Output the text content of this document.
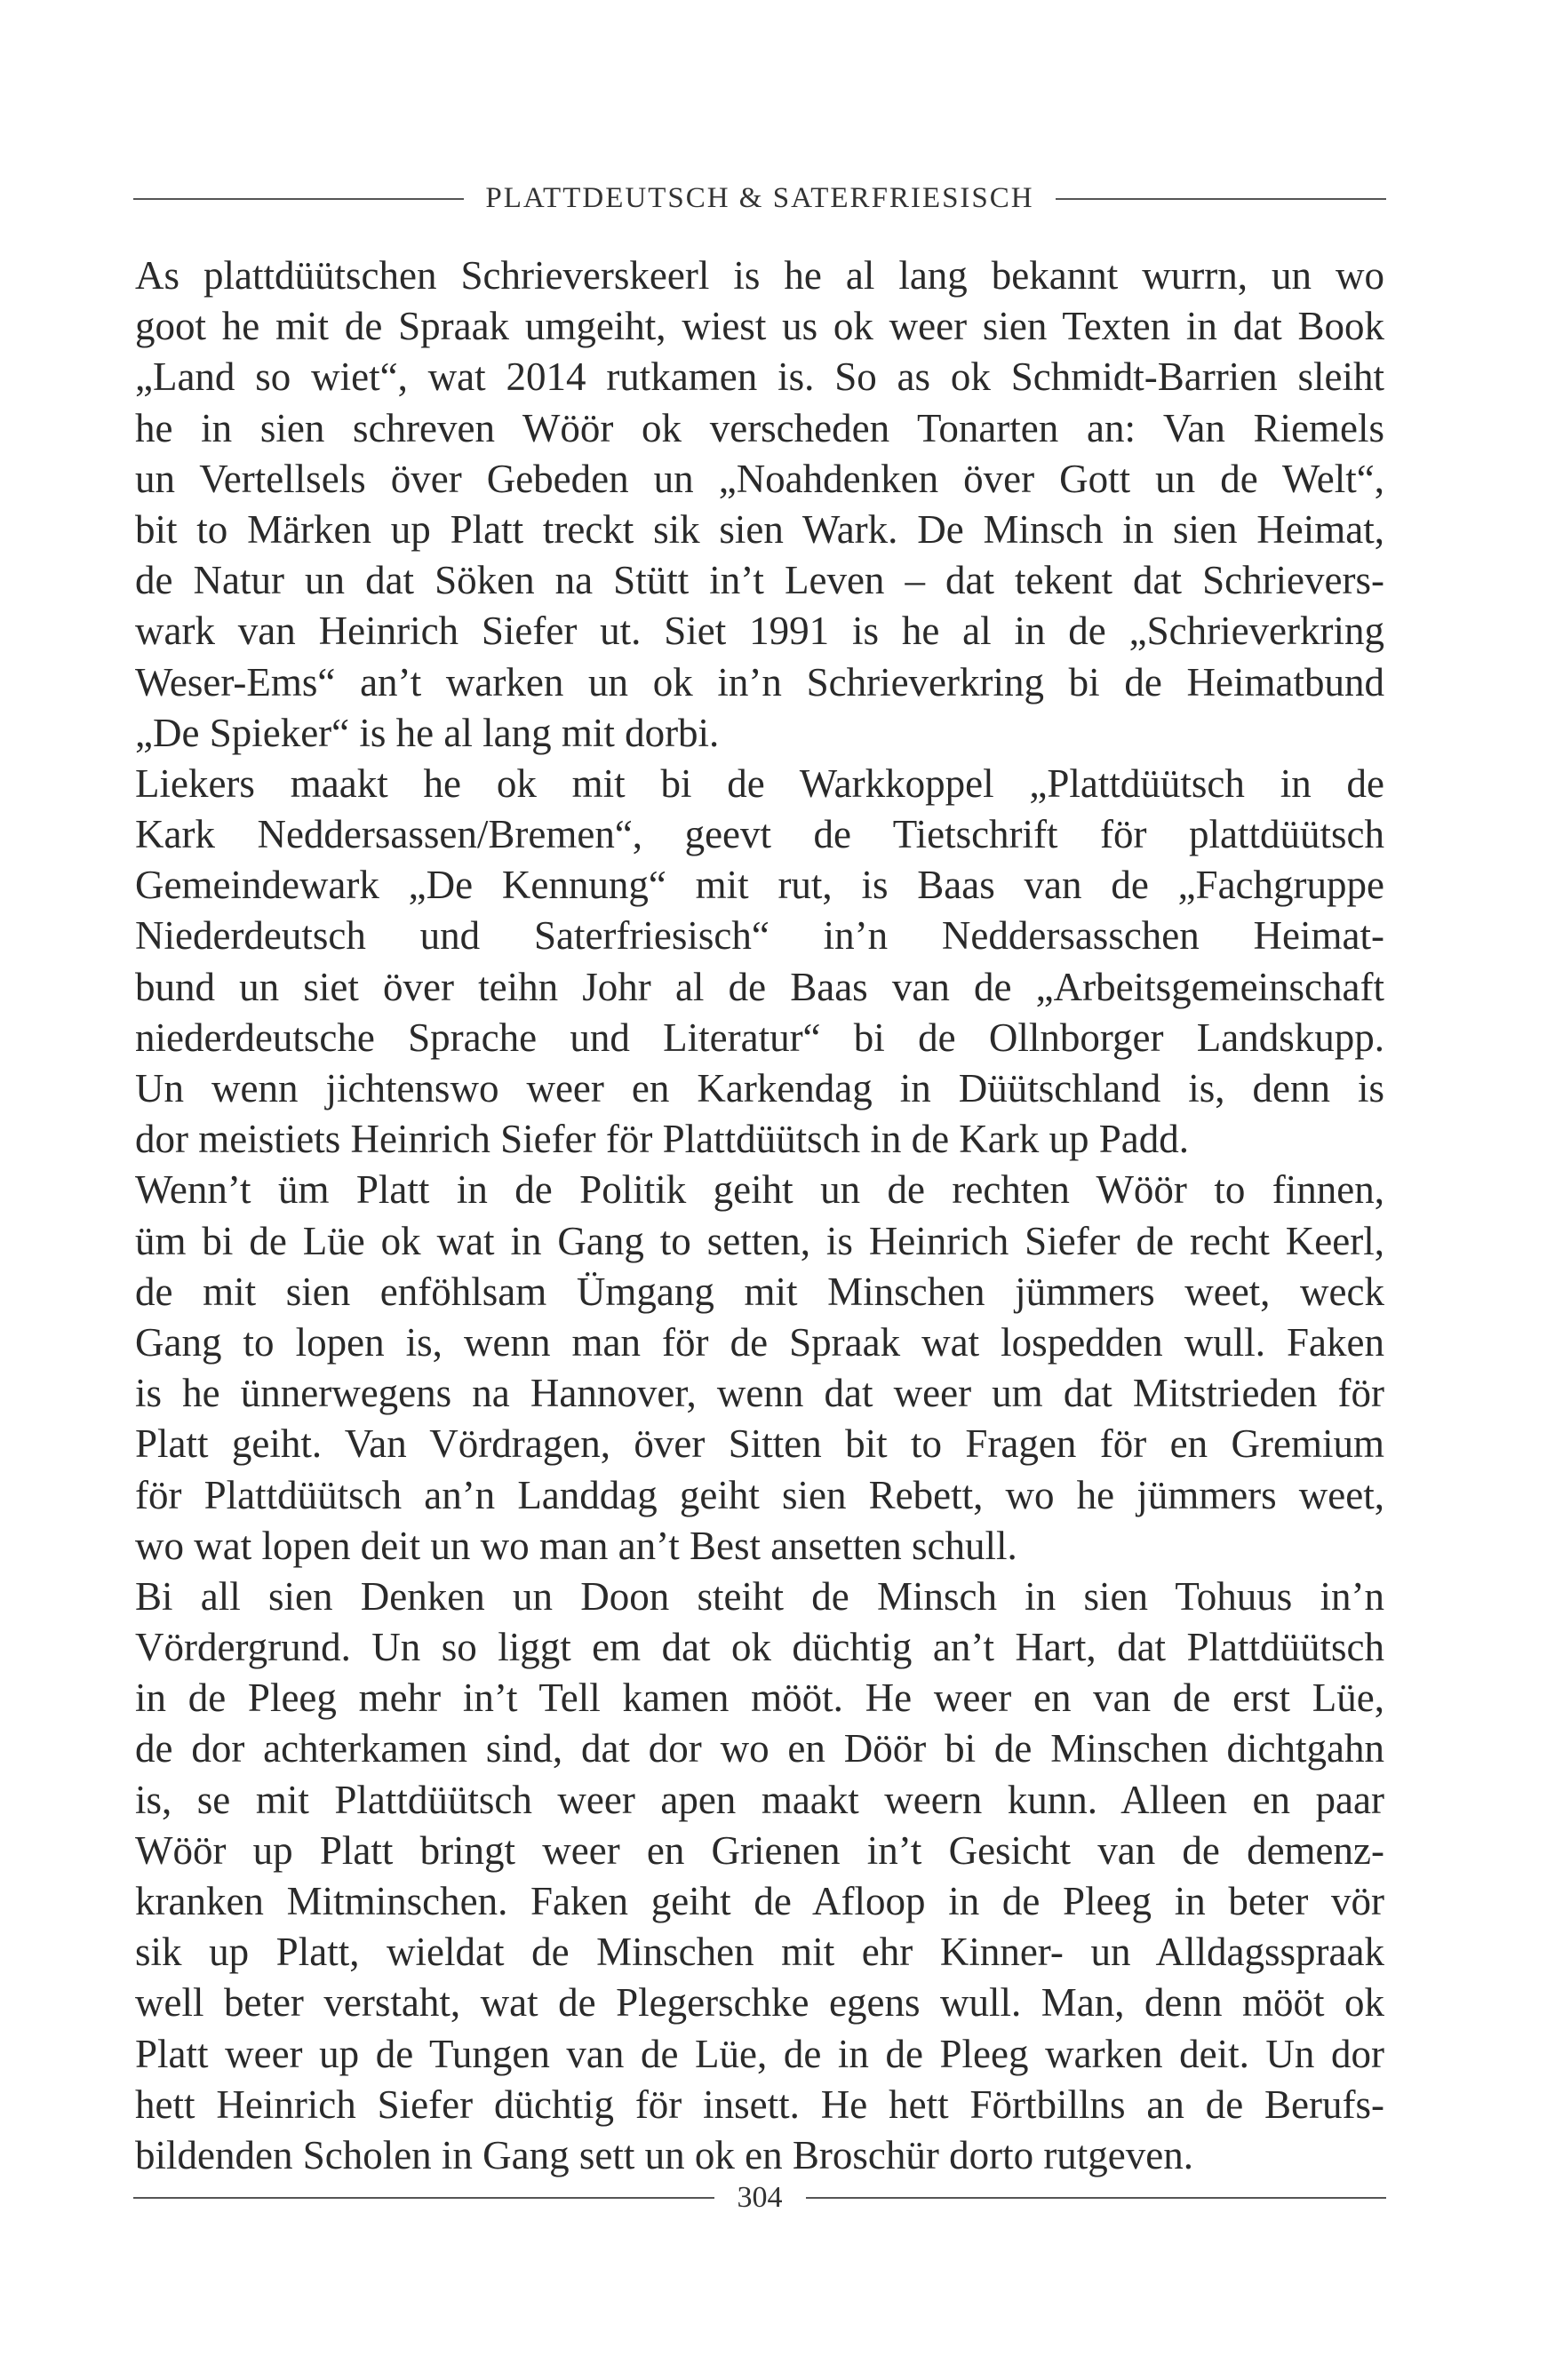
PLATTDEUTSCH & SATERFRIESISCH
As plattdüütschen Schrieverskeerl is he al lang bekannt wurrn, un wo
goot he mit de Spraak umgeiht, wiest us ok weer sien Texten in dat Book
„Land so wiet“, wat 2014 rutkamen is. So as ok Schmidt-Barrien sleiht
he in sien schreven Wöör ok verscheden Tonarten an: Van Riemels
un Vertellsels över Gebeden un „Noahdenken över Gott un de Welt“,
bit to Märken up Platt treckt sik sien Wark. De Minsch in sien Heimat,
de Natur un dat Söken na Stütt in’t Leven – dat tekent dat Schrievers-
wark van Heinrich Siefer ut. Siet 1991 is he al in de „Schrieverkring
Weser-Ems“ an’t warken un ok in’n Schrieverkring bi de Heimatbund
„De Spieker“ is he al lang mit dorbi.
Liekers maakt he ok mit bi de Warkkoppel „Plattdüütsch in de
Kark Neddersassen/Bremen“, geevt de Tietschrift för plattdüütsch
Gemeindewark „De Kennung“ mit rut, is Baas van de „Fachgruppe
Niederdeutsch und Saterfriesisch“ in’n Neddersasschen Heimat-
bund un siet över teihn Johr al de Baas van de „Arbeitsgemeinschaft
niederdeutsche Sprache und Literatur“ bi de Ollnborger Landskupp.
Un wenn jichtenswo weer en Karkendag in Düütschland is, denn is
dor meistiets Heinrich Siefer för Plattdüütsch in de Kark up Padd.
Wenn’t üm Platt in de Politik geiht un de rechten Wöör to finnen,
üm bi de Lüe ok wat in Gang to setten, is Heinrich Siefer de recht Keerl,
de mit sien enföhlsam Ümgang mit Minschen jümmers weet, weck
Gang to lopen is, wenn man för de Spraak wat lospedden wull. Faken
is he ünnerwegens na Hannover, wenn dat weer um dat Mitstrieden för
Platt geiht. Van Vördragen, över Sitten bit to Fragen för en Gremium
för Plattdüütsch an’n Landdag geiht sien Rebett, wo he jümmers weet,
wo wat lopen deit un wo man an’t Best ansetten schull.
Bi all sien Denken un Doon steiht de Minsch in sien Tohuus in’n
Vördergrund. Un so liggt em dat ok düchtig an’t Hart, dat Plattdüütsch
in de Pleeg mehr in’t Tell kamen mööt. He weer en van de erst Lüe,
de dor achterkamen sind, dat dor wo en Döör bi de Minschen dichtgahn
is, se mit Plattdüütsch weer apen maakt weern kunn. Alleen en paar
Wöör up Platt bringt weer en Grienen in’t Gesicht van de demenz-
kranken Mitminschen. Faken geiht de Afloop in de Pleeg in beter vör
sik up Platt, wieldat de Minschen mit ehr Kinner- un Alldagsspraak
well beter verstaht, wat de Plegerschke egens wull. Man, denn mööt ok
Platt weer up de Tungen van de Lüe, de in de Pleeg warken deit. Un dor
hett Heinrich Siefer düchtig för insett. He hett Förtbillns an de Berufs-
bildenden Scholen in Gang sett un ok en Broschür dorto rutgeven.
304
